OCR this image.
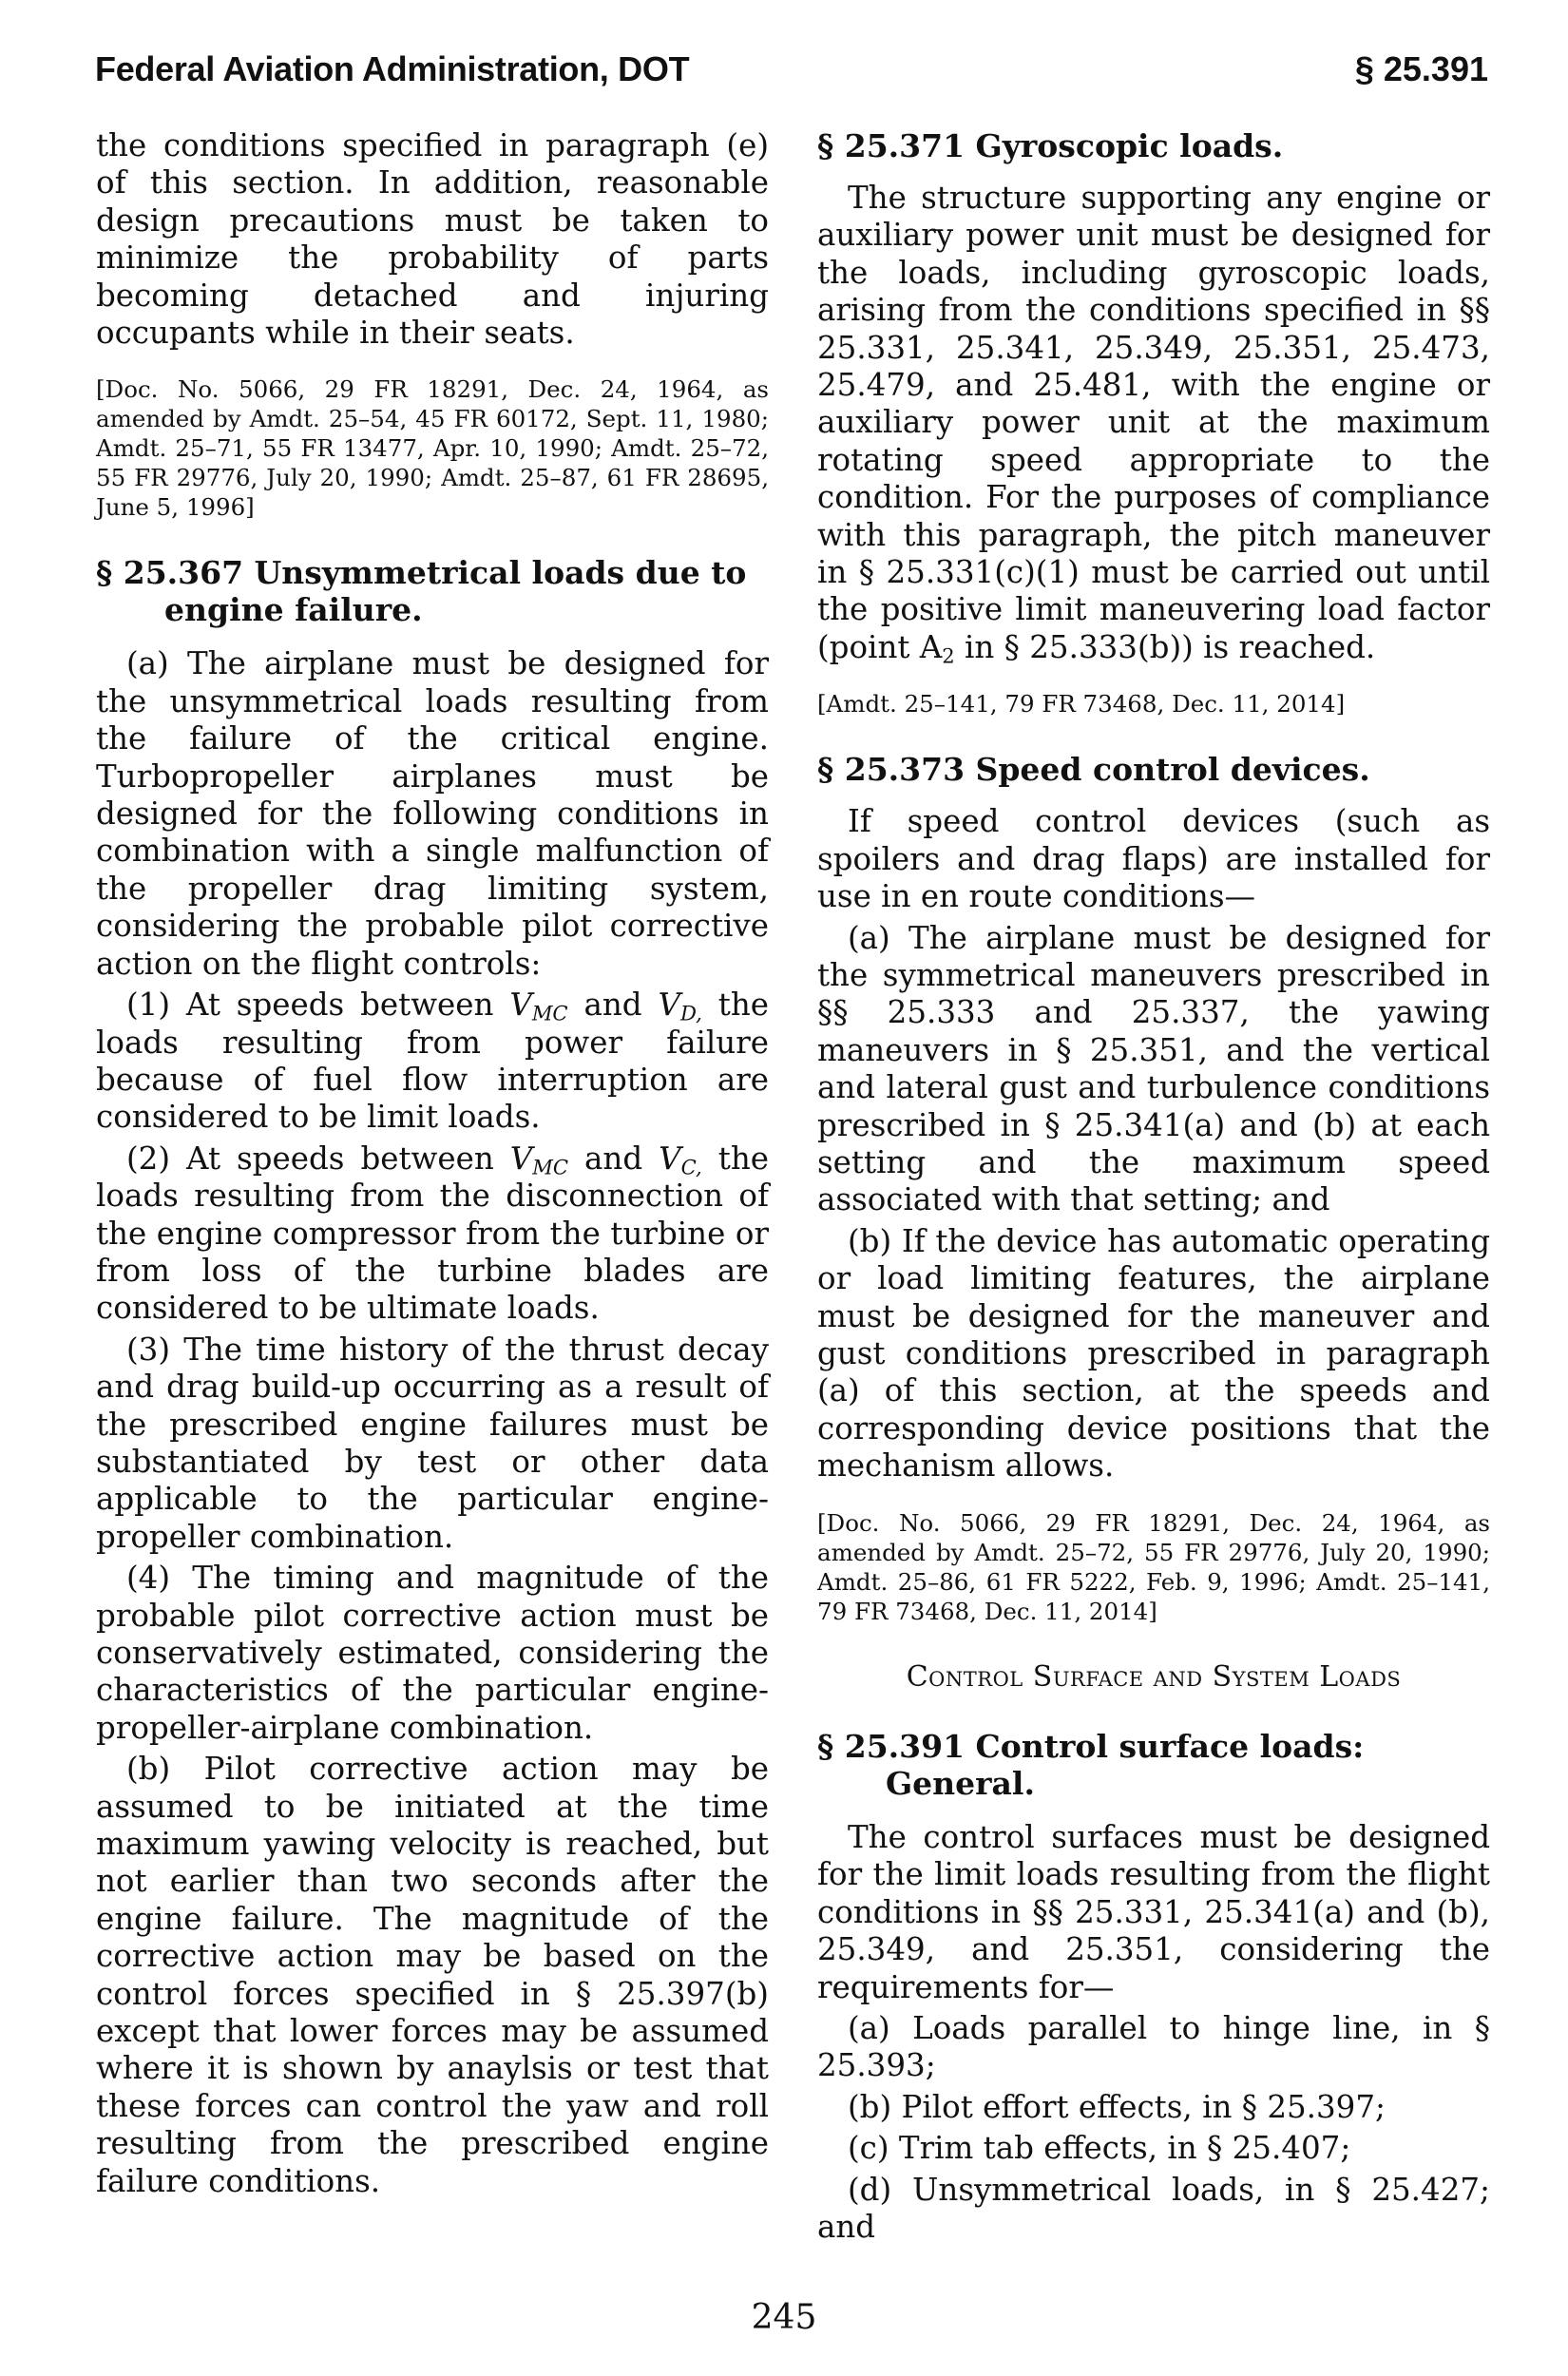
Federal Aviation Administration, DOT	§ 25.391

the conditions specified in paragraph (e) of this section. In addition, reasonable design precautions must be taken to minimize the probability of parts becoming detached and injuring occupants while in their seats.

[Doc. No. 5066, 29 FR 18291, Dec. 24, 1964, as amended by Amdt. 25–54, 45 FR 60172, Sept. 11, 1980; Amdt. 25–71, 55 FR 13477, Apr. 10, 1990; Amdt. 25–72, 55 FR 29776, July 20, 1990; Amdt. 25–87, 61 FR 28695, June 5, 1996]

§ 25.367 Unsymmetrical loads due to engine failure.

(a) The airplane must be designed for the unsymmetrical loads resulting from the failure of the critical engine. Turbopropeller airplanes must be designed for the following conditions in combination with a single malfunction of the propeller drag limiting system, considering the probable pilot corrective action on the flight controls:

(1) At speeds between $V_{MC}$ and $V_{D,}$ the loads resulting from power failure because of fuel flow interruption are considered to be limit loads.

(2) At speeds between $V_{MC}$ and $V_{C,}$ the loads resulting from the disconnection of the engine compressor from the turbine or from loss of the turbine blades are considered to be ultimate loads.

(3) The time history of the thrust decay and drag build-up occurring as a result of the prescribed engine failures must be substantiated by test or other data applicable to the particular engine-propeller combination.

(4) The timing and magnitude of the probable pilot corrective action must be conservatively estimated, considering the characteristics of the particular engine-propeller-airplane combination.

(b) Pilot corrective action may be assumed to be initiated at the time maximum yawing velocity is reached, but not earlier than two seconds after the engine failure. The magnitude of the corrective action may be based on the control forces specified in § 25.397(b) except that lower forces may be assumed where it is shown by anaylsis or test that these forces can control the yaw and roll resulting from the prescribed engine failure conditions.

§ 25.371 Gyroscopic loads.

The structure supporting any engine or auxiliary power unit must be designed for the loads, including gyroscopic loads, arising from the conditions specified in §§ 25.331, 25.341, 25.349, 25.351, 25.473, 25.479, and 25.481, with the engine or auxiliary power unit at the maximum rotating speed appropriate to the condition. For the purposes of compliance with this paragraph, the pitch maneuver in § 25.331(c)(1) must be carried out until the positive limit maneuvering load factor (point $A_2$ in § 25.333(b)) is reached.

[Amdt. 25–141, 79 FR 73468, Dec. 11, 2014]

§ 25.373 Speed control devices.

If speed control devices (such as spoilers and drag flaps) are installed for use in en route conditions—

(a) The airplane must be designed for the symmetrical maneuvers prescribed in §§ 25.333 and 25.337, the yawing maneuvers in § 25.351, and the vertical and lateral gust and turbulence conditions prescribed in § 25.341(a) and (b) at each setting and the maximum speed associated with that setting; and

(b) If the device has automatic operating or load limiting features, the airplane must be designed for the maneuver and gust conditions prescribed in paragraph (a) of this section, at the speeds and corresponding device positions that the mechanism allows.

[Doc. No. 5066, 29 FR 18291, Dec. 24, 1964, as amended by Amdt. 25–72, 55 FR 29776, July 20, 1990; Amdt. 25–86, 61 FR 5222, Feb. 9, 1996; Amdt. 25–141, 79 FR 73468, Dec. 11, 2014]

Control Surface and System Loads

§ 25.391 Control surface loads: General.

The control surfaces must be designed for the limit loads resulting from the flight conditions in §§ 25.331, 25.341(a) and (b), 25.349, and 25.351, considering the requirements for—

(a) Loads parallel to hinge line, in § 25.393;

(b) Pilot effort effects, in § 25.397;

(c) Trim tab effects, in § 25.407;

(d) Unsymmetrical loads, in § 25.427; and

245
